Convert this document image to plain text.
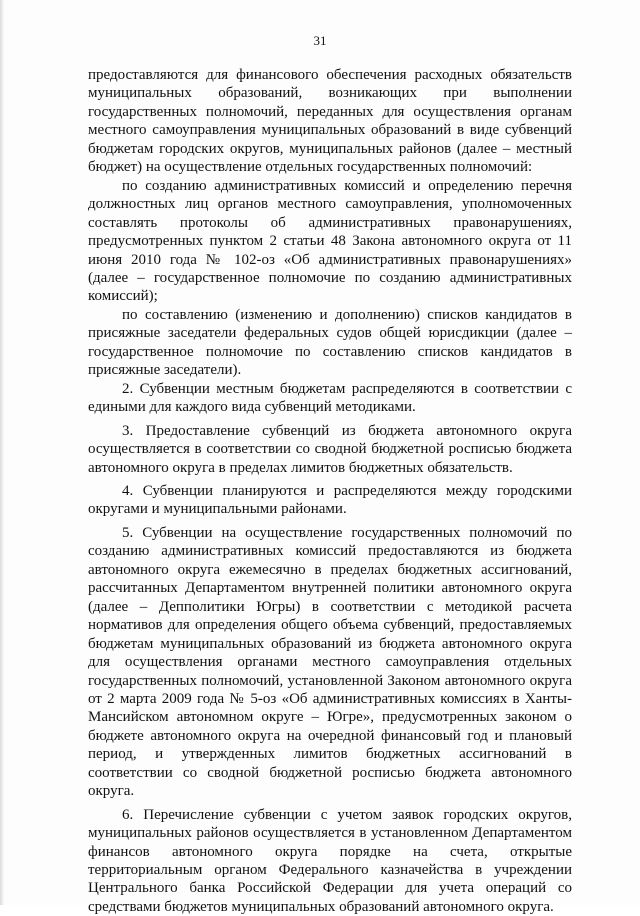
31

предоставляются для финансового обеспечения расходных обязательств муниципальных образований, возникающих при выполнении государственных полномочий, переданных для осуществления органам местного самоуправления муниципальных образований в виде субвенций бюджетам городских округов, муниципальных районов (далее – местный бюджет) на осуществление отдельных государственных полномочий:

по созданию административных комиссий и определению перечня должностных лиц органов местного самоуправления, уполномоченных составлять протоколы об административных правонарушениях, предусмотренных пунктом 2 статьи 48 Закона автономного округа от 11 июня 2010 года № 102-оз «Об административных правонарушениях» (далее – государственное полномочие по созданию административных комиссий);

по составлению (изменению и дополнению) списков кандидатов в присяжные заседатели федеральных судов общей юрисдикции (далее – государственное полномочие по составлению списков кандидатов в присяжные заседатели).

2. Субвенции местным бюджетам распределяются в соответствии с едиными для каждого вида субвенций методиками.

3. Предоставление субвенций из бюджета автономного округа осуществляется в соответствии со сводной бюджетной росписью бюджета автономного округа в пределах лимитов бюджетных обязательств.

4. Субвенции планируются и распределяются между городскими округами и муниципальными районами.

5. Субвенции на осуществление государственных полномочий по созданию административных комиссий предоставляются из бюджета автономного округа ежемесячно в пределах бюджетных ассигнований, рассчитанных Департаментом внутренней политики автономного округа (далее – Депполитики Югры) в соответствии с методикой расчета нормативов для определения общего объема субвенций, предоставляемых бюджетам муниципальных образований из бюджета автономного округа для осуществления органами местного самоуправления отдельных государственных полномочий, установленной Законом автономного округа от 2 марта 2009 года № 5-оз «Об административных комиссиях в Ханты-Мансийском автономном округе – Югре», предусмотренных законом о бюджете автономного округа на очередной финансовый год и плановый период, и утвержденных лимитов бюджетных ассигнований в соответствии со сводной бюджетной росписью бюджета автономного округа.

6. Перечисление субвенции с учетом заявок городских округов, муниципальных районов осуществляется в установленном Департаментом финансов автономного округа порядке на счета, открытые территориальным органом Федерального казначейства в учреждении Центрального банка Российской Федерации для учета операций со средствами бюджетов муниципальных образований автономного округа.
